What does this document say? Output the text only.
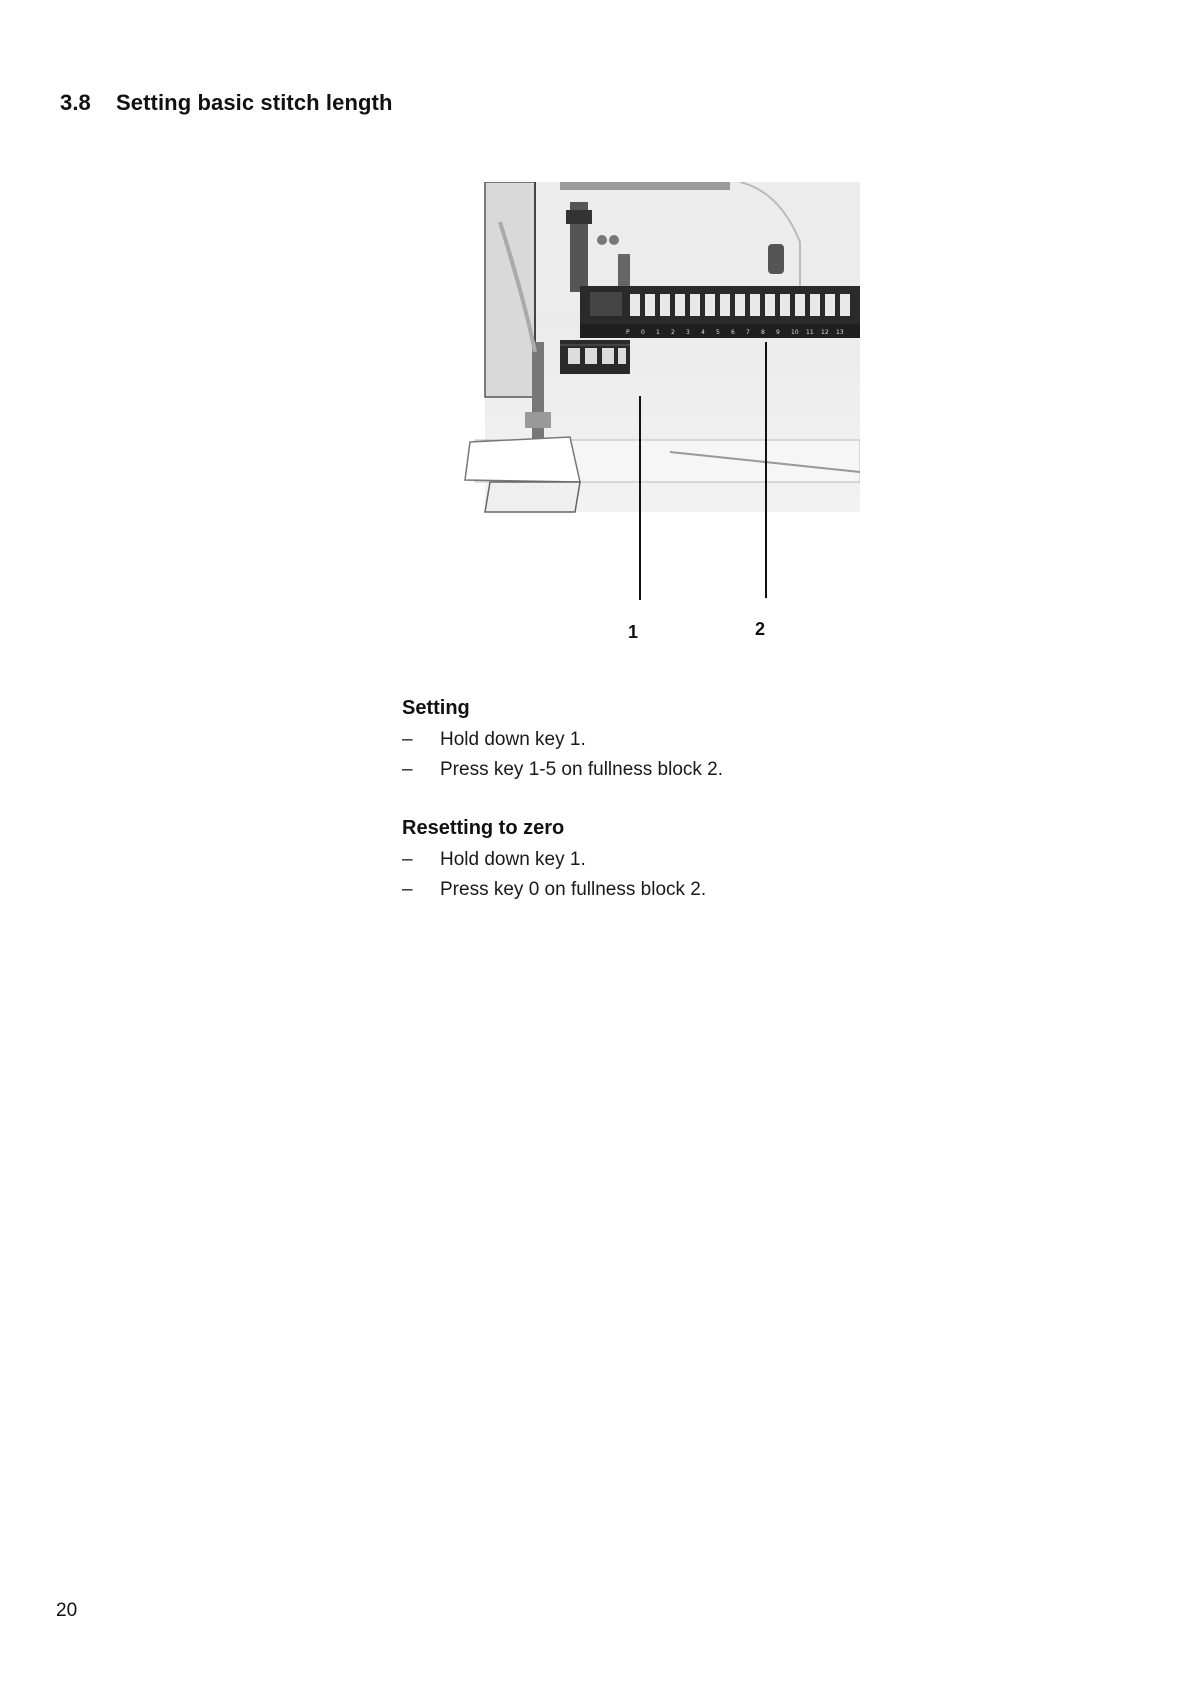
3.8 Setting basic stitch length
P 0 1 2 3 4 5 6 7 8 9 10 11 12 13
1	2
Setting
– Hold down key 1.
– Press key 1-5 on fullness block 2.
Resetting to zero
– Hold down key 1.
– Press key 0 on fullness block 2.
20
